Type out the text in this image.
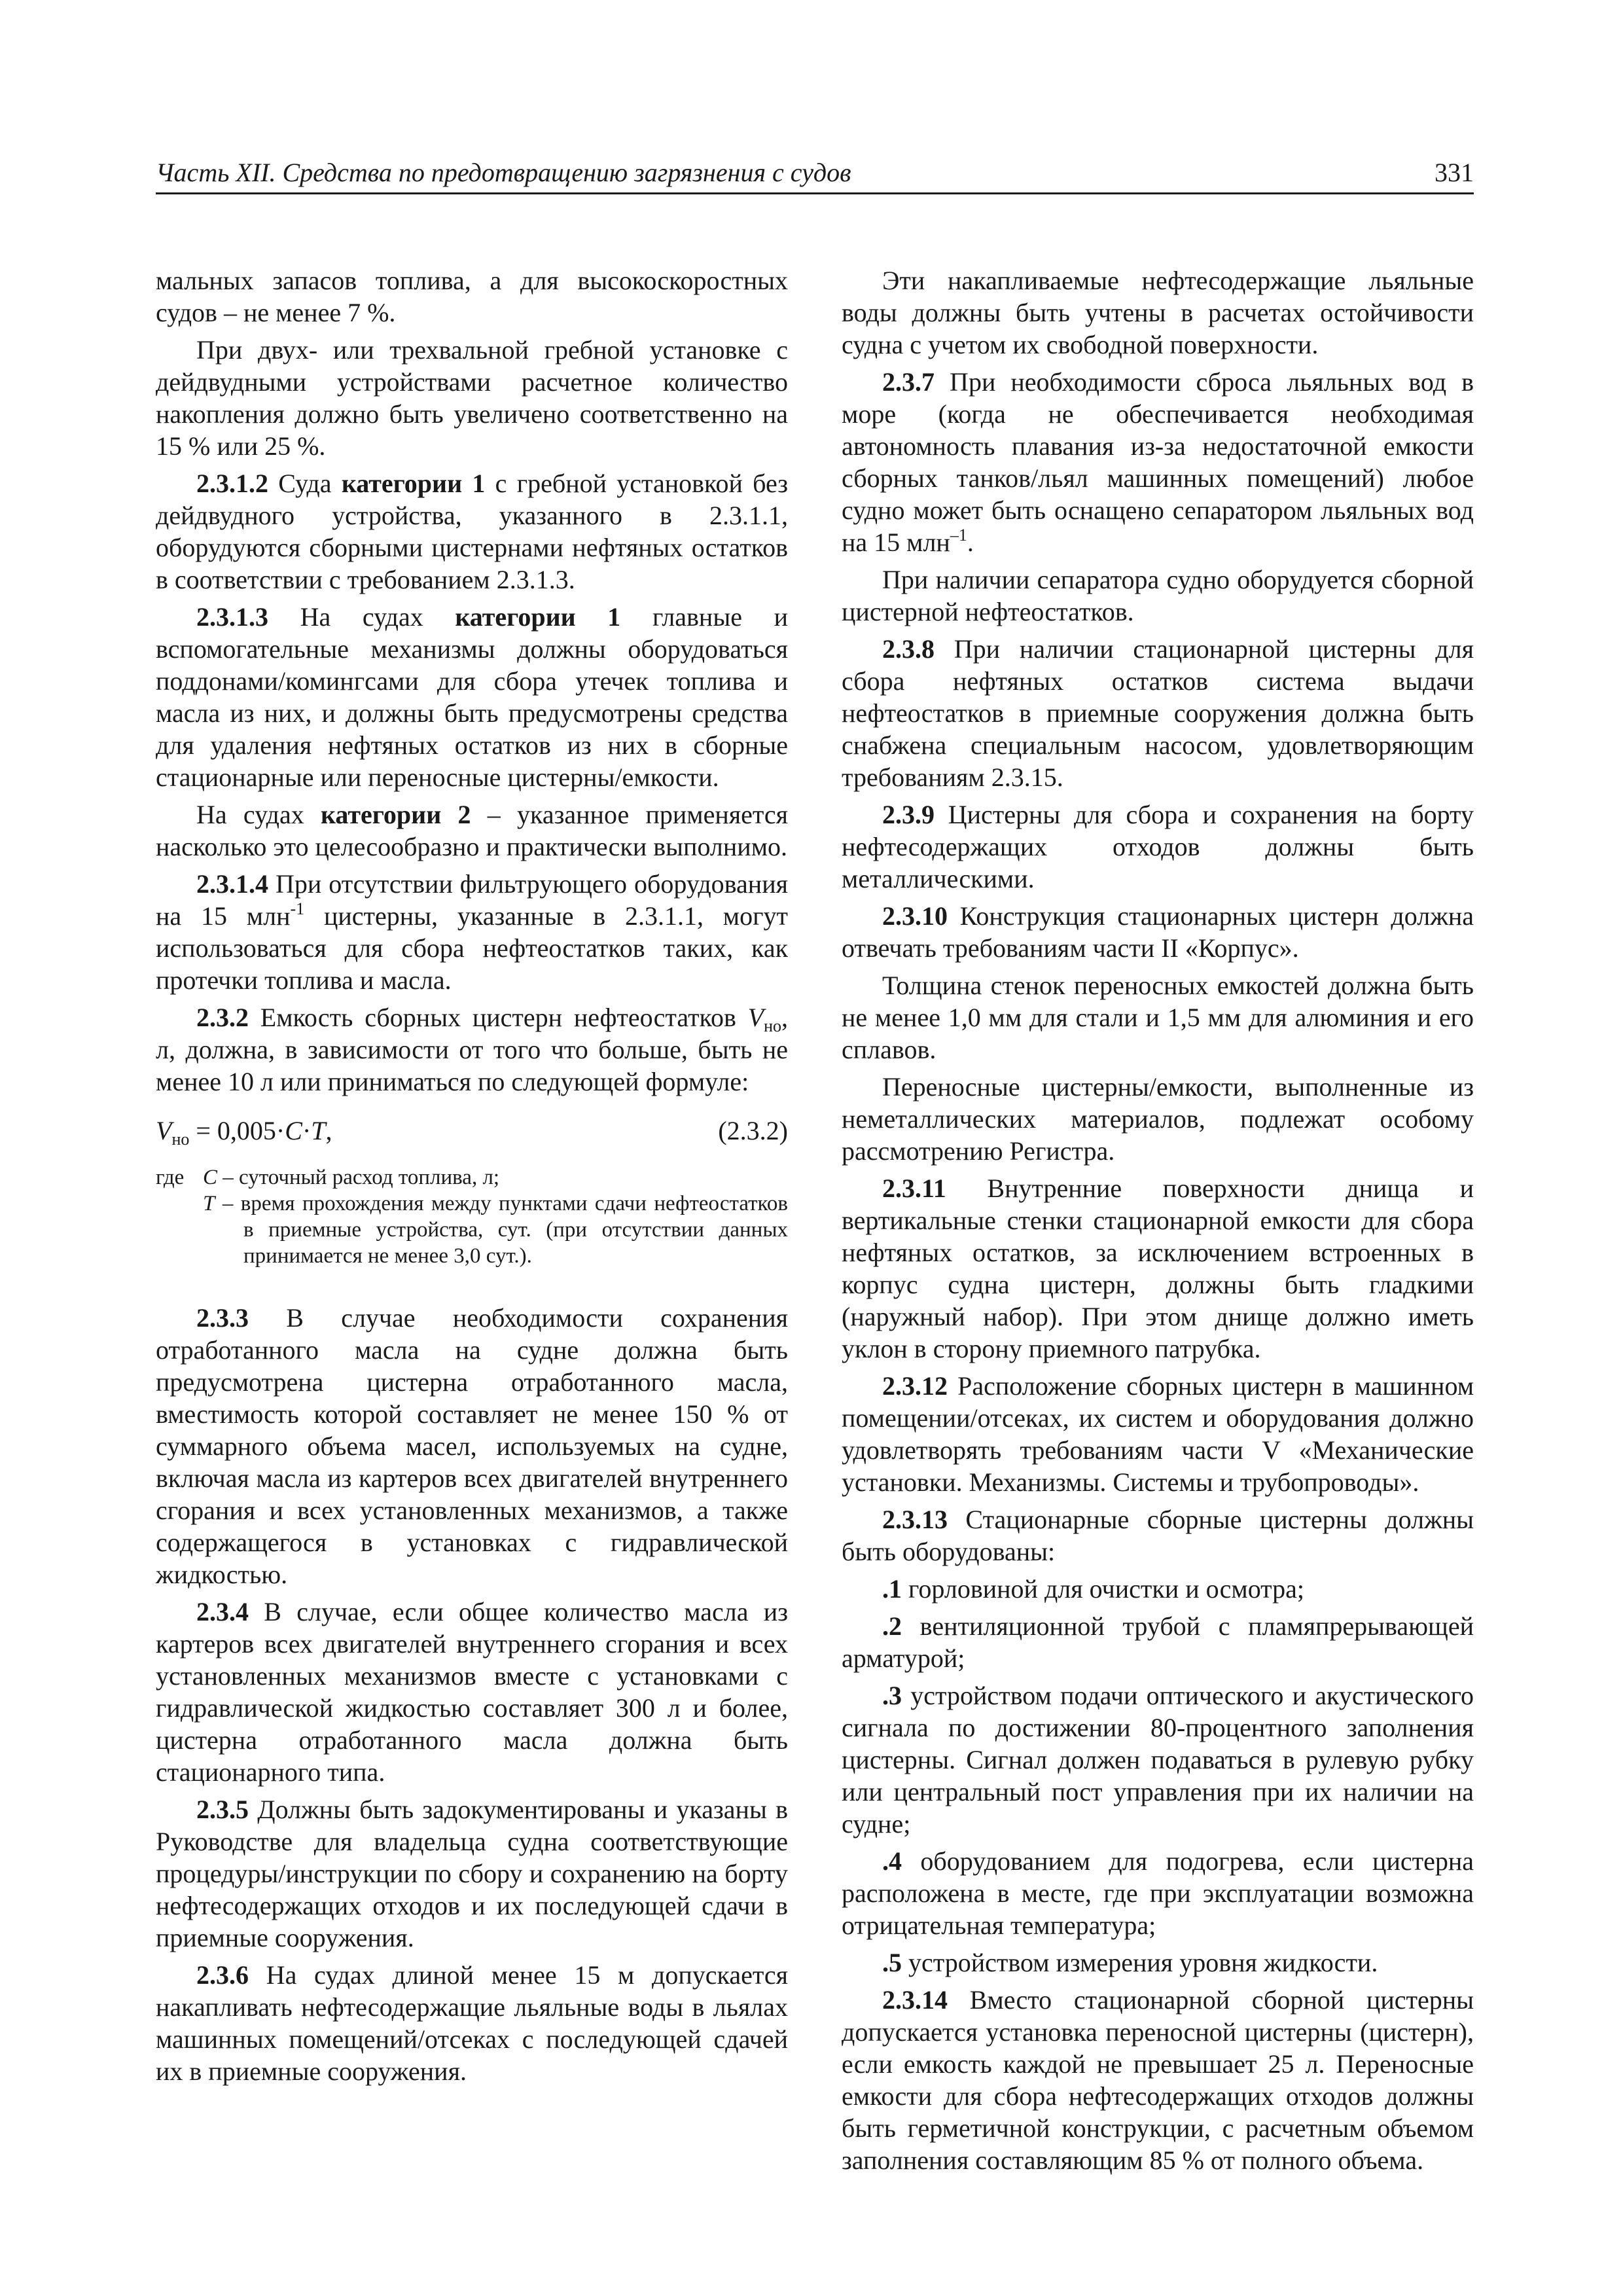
Часть XII. Средства по предотвращению загрязнения с судов	331

мальных запасов топлива, а для высокоскоростных судов – не менее 7 %.

При двух- или трехвальной гребной установке с дейдвудными устройствами расчетное количество накопления должно быть увеличено соответственно на 15 % или 25 %.

2.3.1.2 Суда категории 1 с гребной установкой без дейдвудного устройства, указанного в 2.3.1.1, оборудуются сборными цистернами нефтяных остатков в соответствии с требованием 2.3.1.3.

2.3.1.3 На судах категории 1 главные и вспомогательные механизмы должны оборудоваться поддонами/комингсами для сбора утечек топлива и масла из них, и должны быть предусмотрены средства для удаления нефтяных остатков из них в сборные стационарные или переносные цистерны/емкости.

На судах категории 2 – указанное применяется насколько это целесообразно и практически выполнимо.

2.3.1.4 При отсутствии фильтрующего оборудования на 15 млн$^{-1}$ цистерны, указанные в 2.3.1.1, могут использоваться для сбора нефтеостатков таких, как протечки топлива и масла.

2.3.2 Емкость сборных цистерн нефтеостатков $V_{но}$, л, должна, в зависимости от того что больше, быть не менее 10 л или приниматься по следующей формуле:

$V_{но} = 0,005\cdot C\cdot T$,	(2.3.2)
где C – суточный расход топлива, л;
T – время прохождения между пунктами сдачи нефтеостатков в приемные устройства, сут. (при отсутствии данных принимается не менее 3,0 сут.).

2.3.3 В случае необходимости сохранения отработанного масла на судне должна быть предусмотрена цистерна отработанного масла, вместимость которой составляет не менее 150 % от суммарного объема масел, используемых на судне, включая масла из картеров всех двигателей внутреннего сгорания и всех установленных механизмов, а также содержащегося в установках с гидравлической жидкостью.

2.3.4 В случае, если общее количество масла из картеров всех двигателей внутреннего сгорания и всех установленных механизмов вместе с установками с гидравлической жидкостью составляет 300 л и более, цистерна отработанного масла должна быть стационарного типа.

2.3.5 Должны быть задокументированы и указаны в Руководстве для владельца судна соответствующие процедуры/инструкции по сбору и сохранению на борту нефтесодержащих отходов и их последующей сдачи в приемные сооружения.

2.3.6 На судах длиной менее 15 м допускается накапливать нефтесодержащие льяльные воды в льялах машинных помещений/отсеках с последующей сдачей их в приемные сооружения.

Эти накапливаемые нефтесодержащие льяльные воды должны быть учтены в расчетах остойчивости судна с учетом их свободной поверхности.

2.3.7 При необходимости сброса льяльных вод в море (когда не обеспечивается необходимая автономность плавания из-за недостаточной емкости сборных танков/льял машинных помещений) любое судно может быть оснащено сепаратором льяльных вод на 15 млн$^{-1}$.

При наличии сепаратора судно оборудуется сборной цистерной нефтеостатков.

2.3.8 При наличии стационарной цистерны для сбора нефтяных остатков система выдачи нефтеостатков в приемные сооружения должна быть снабжена специальным насосом, удовлетворяющим требованиям 2.3.15.

2.3.9 Цистерны для сбора и сохранения на борту нефтесодержащих отходов должны быть металлическими.

2.3.10 Конструкция стационарных цистерн должна отвечать требованиям части II «Корпус».

Толщина стенок переносных емкостей должна быть не менее 1,0 мм для стали и 1,5 мм для алюминия и его сплавов.

Переносные цистерны/емкости, выполненные из неметаллических материалов, подлежат особому рассмотрению Регистра.

2.3.11 Внутренние поверхности днища и вертикальные стенки стационарной емкости для сбора нефтяных остатков, за исключением встроенных в корпус судна цистерн, должны быть гладкими (наружный набор). При этом днище должно иметь уклон в сторону приемного патрубка.

2.3.12 Расположение сборных цистерн в машинном помещении/отсеках, их систем и оборудования должно удовлетворять требованиям части V «Механические установки. Механизмы. Системы и трубопроводы».

2.3.13 Стационарные сборные цистерны должны быть оборудованы:

.1 горловиной для очистки и осмотра;

.2 вентиляционной трубой с пламяпрерывающей арматурой;

.3 устройством подачи оптического и акустического сигнала по достижении 80-процентного заполнения цистерны. Сигнал должен подаваться в рулевую рубку или центральный пост управления при их наличии на судне;

.4 оборудованием для подогрева, если цистерна расположена в месте, где при эксплуатации возможна отрицательная температура;

.5 устройством измерения уровня жидкости.

2.3.14 Вместо стационарной сборной цистерны допускается установка переносной цистерны (цистерн), если емкость каждой не превышает 25 л. Переносные емкости для сбора нефтесодержащих отходов должны быть герметичной конструкции, с расчетным объемом заполнения составляющим 85 % от полного объема.
